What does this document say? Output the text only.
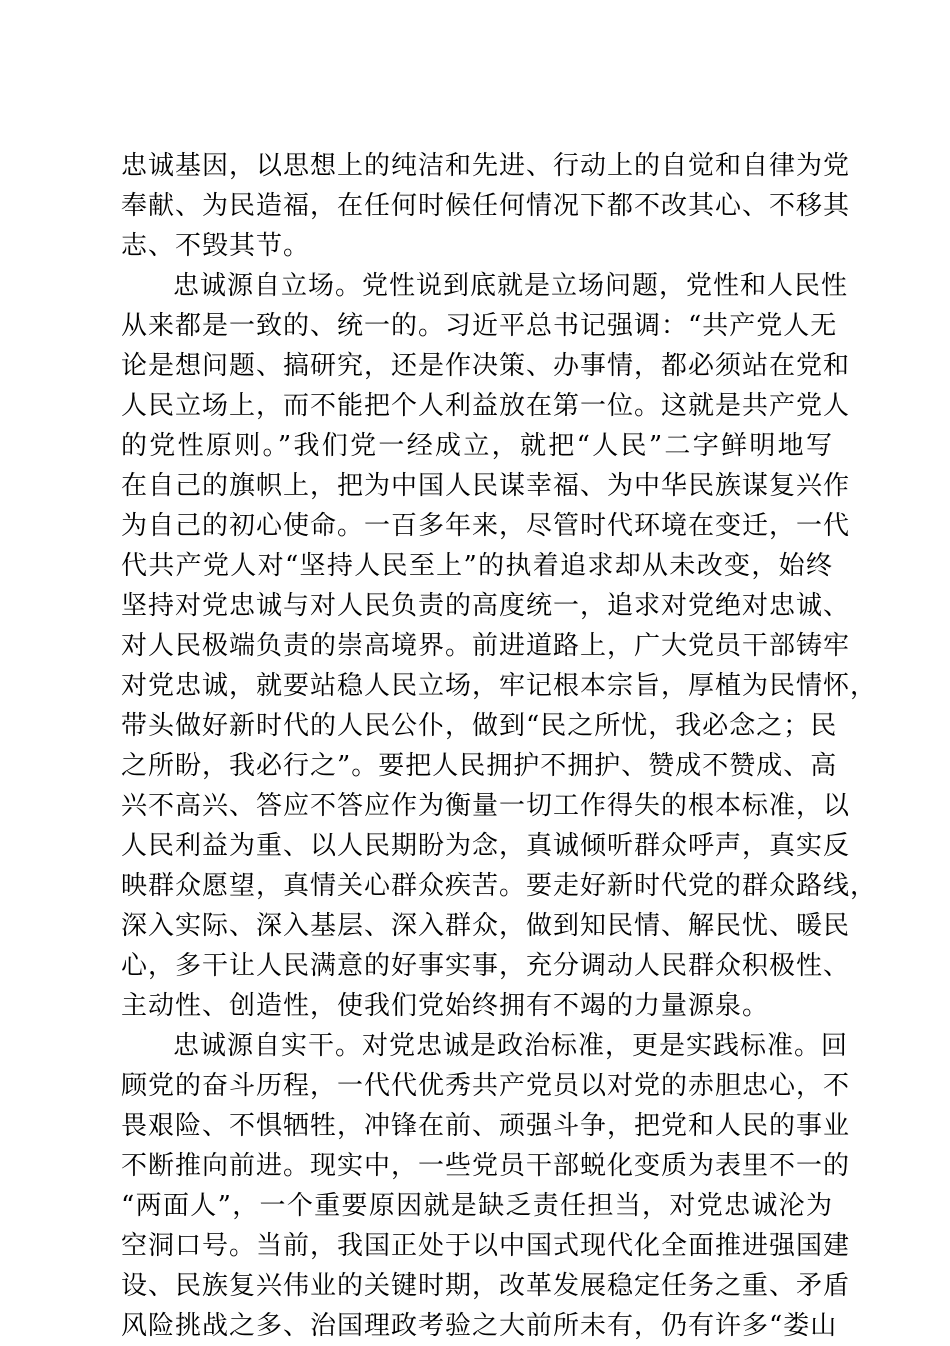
忠诚基因，以思想上的纯洁和先进、行动上的自觉和自律为党
奉献、为民造福，在任何时候任何情况下都不改其心、不移其
志、不毁其节。
忠诚源自立场。党性说到底就是立场问题，党性和人民性
从来都是一致的、统一的。习近平总书记强调：“共产党人无
论是想问题、搞研究，还是作决策、办事情，都必须站在党和
人民立场上，而不能把个人利益放在第一位。这就是共产党人
的党性原则。”我们党一经成立，就把“人民”二字鲜明地写
在自己的旗帜上，把为中国人民谋幸福、为中华民族谋复兴作
为自己的初心使命。一百多年来，尽管时代环境在变迁，一代
代共产党人对“坚持人民至上”的执着追求却从未改变，始终
坚持对党忠诚与对人民负责的高度统一，追求对党绝对忠诚、
对人民极端负责的崇高境界。前进道路上，广大党员干部铸牢
对党忠诚，就要站稳人民立场，牢记根本宗旨，厚植为民情怀，
带头做好新时代的人民公仆，做到“民之所忧，我必念之；民
之所盼，我必行之”。要把人民拥护不拥护、赞成不赞成、高
兴不高兴、答应不答应作为衡量一切工作得失的根本标准，以
人民利益为重、以人民期盼为念，真诚倾听群众呼声，真实反
映群众愿望，真情关心群众疾苦。要走好新时代党的群众路线，
深入实际、深入基层、深入群众，做到知民情、解民忧、暖民
心，多干让人民满意的好事实事，充分调动人民群众积极性、
主动性、创造性，使我们党始终拥有不竭的力量源泉。
忠诚源自实干。对党忠诚是政治标准，更是实践标准。回
顾党的奋斗历程，一代代优秀共产党员以对党的赤胆忠心，不
畏艰险、不惧牺牲，冲锋在前、顽强斗争，把党和人民的事业
不断推向前进。现实中，一些党员干部蜕化变质为表里不一的
“两面人”，一个重要原因就是缺乏责任担当，对党忠诚沦为
空洞口号。当前，我国正处于以中国式现代化全面推进强国建
设、民族复兴伟业的关键时期，改革发展稳定任务之重、矛盾
风险挑战之多、治国理政考验之大前所未有，仍有许多“娄山
